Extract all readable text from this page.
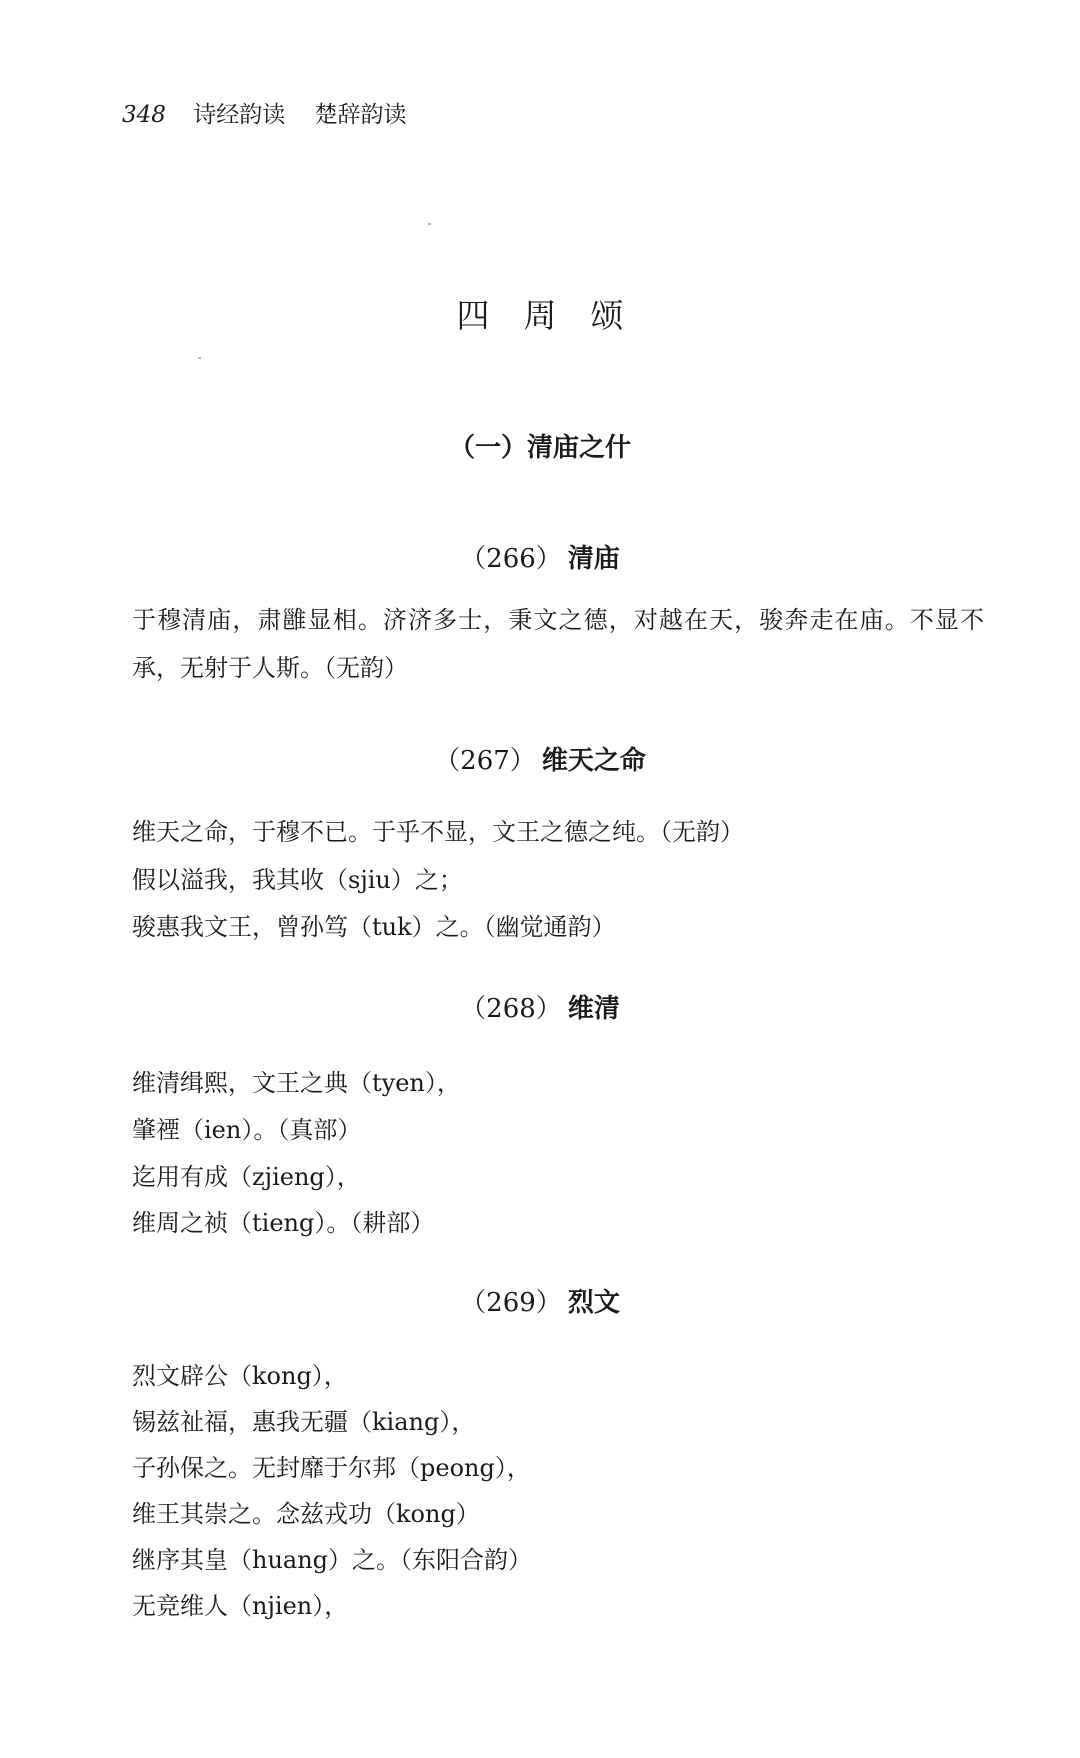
348 诗经韵读 楚辞韵读
四周颂
（一）清庙之什
（266） 清庙
于穆清庙，肃雝显相。济济多士，秉文之德，对越在天，骏奔走在庙。不显不承，无射于人斯。（无韵）
（267） 维天之命
维天之命，于穆不已。于乎不显，文王之德之纯。（无韵）
假以溢我，我其收（sjiu）之；
骏惠我文王，曾孙笃（tuk）之。（幽觉通韵）
（268） 维清
维清缉熙，文王之典（tyen），
肇禋（ien）。（真部）
迄用有成（zjieng），
维周之祯（tieng）。（耕部）
（269） 烈文
烈文辟公（kong），
锡兹祉福，惠我无疆（kiang），
子孙保之。无封靡于尔邦（peong），
维王其崇之。念兹戎功（kong）
继序其皇（huang）之。（东阳合韵）
无竞维人（njien），
